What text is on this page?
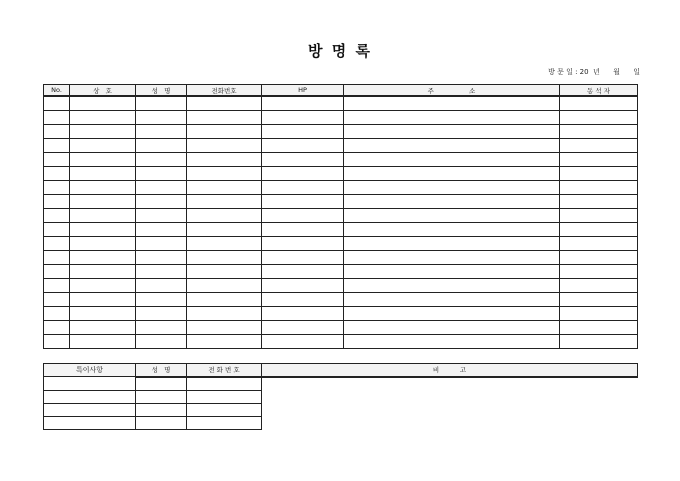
방 명 록
방 문 일 : 20  년      월      일
No.	상   호	성   명	전화번호	HP	주                 소	동 석 자

특이사항	성   명	전 화 번 호	비          고
